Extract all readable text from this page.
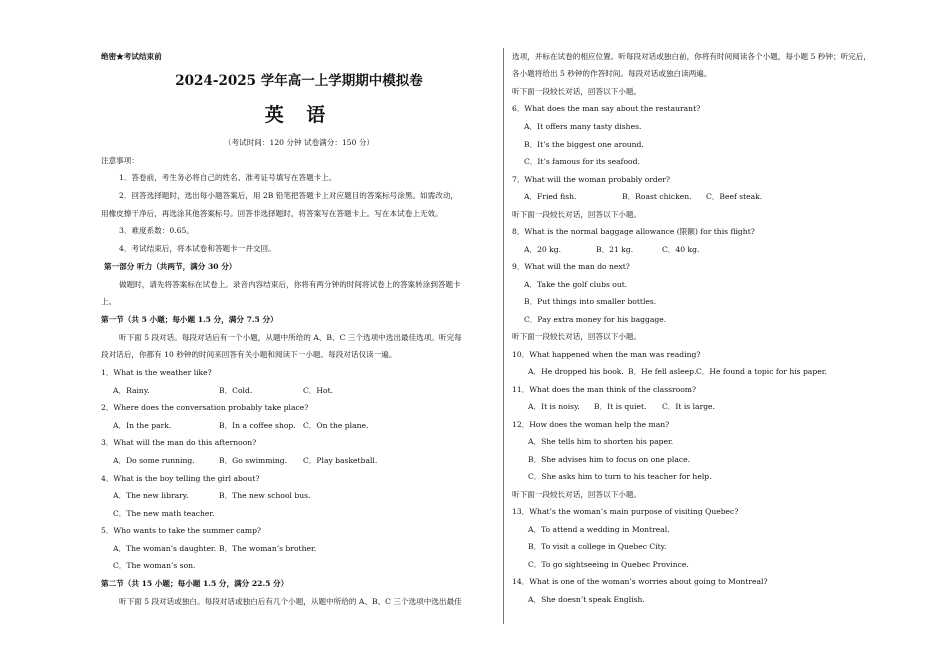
绝密★考试结束前
2024-2025 学年高一上学期期中模拟卷
英 语
（考试时间：120 分钟 试卷满分：150 分）
注意事项：
1．答卷前，考生务必将自己的姓名、准考证号填写在答题卡上。
2．回答选择题时，选出每小题答案后，用 2B 铅笔把答题卡上对应题目的答案标号涂黑。如需改动，
用橡皮擦干净后，再选涂其他答案标号。回答非选择题时，将答案写在答题卡上。写在本试卷上无效。
3．难度系数：0.65。
4．考试结束后，将本试卷和答题卡一并交回。
第一部分 听力（共两节，满分 30 分）
做题时，请先将答案标在试卷上。录音内容结束后，你将有两分钟的时间将试卷上的答案转涂到答题卡
上。
第一节（共 5 小题；每小题 1.5 分，满分 7.5 分）
听下面 5 段对话。每段对话后有一个小题，从题中所给的 A、B、C 三个选项中选出最佳选项。听完每
段对话后，你都有 10 秒钟的时间来回答有关小题和阅读下一小题。每段对话仅读一遍。
1．What is the weather like?
A．Rainy.	B．Cold.	C．Hot.
2．Where does the conversation probably take place?
A．In the park.	B．In a coffee shop. C．On the plane.
3．What will the man do this afternoon?
A．Do some running.	B．Go swimming. C．Play basketball.
4．What is the boy telling the girl about?
A．The new library.	B．The new school bus.
C．The new math teacher.
5．Who wants to take the summer camp?
A．The woman’s daughter. B．The woman’s brother.
C．The woman’s son.
第二节（共 15 小题；每小题 1.5 分，满分 22.5 分）
听下面 5 段对话或独白。每段对话或独白后有几个小题，从题中所给的 A、B、C 三个选项中选出最佳
选项，并标在试卷的相应位置。听每段对话或独白前，你将有时间阅读各个小题，每小题 5 秒钟；听完后，
各小题将给出 5 秒钟的作答时间。每段对话或独白读两遍。
听下面一段较长对话，回答以下小题。
6．What does the man say about the restaurant?
A．It offers many tasty dishes.
B．It’s the biggest one around.
C．It’s famous for its seafood.
7．What will the woman probably order?
A．Fried fish.	B．Roast chicken. C．Beef steak.
听下面一段较长对话，回答以下小题。
8．What is the normal baggage allowance (限额) for this flight?
A．20 kg.	B．21 kg.	C．40 kg.
9．What will the man do next?
A．Take the golf clubs out.
B．Put things into smaller bottles.
C．Pay extra money for his baggage.
听下面一段较长对话，回答以下小题。
10．What happened when the man was reading?
A．He dropped his book. B．He fell asleep. C．He found a topic for his paper.
11．What does the man think of the classroom?
A．It is noisy. B．It is quiet. C．It is large.
12．How does the woman help the man?
A．She tells him to shorten his paper.
B．She advises him to focus on one place.
C．She asks him to turn to his teacher for help.
听下面一段较长对话，回答以下小题。
13．What’s the woman’s main purpose of visiting Quebec?
A．To attend a wedding in Montreal.
B．To visit a college in Quebec City.
C．To go sightseeing in Quebec Province.
14．What is one of the woman’s worries about going to Montreal?
A．She doesn’t speak English.
